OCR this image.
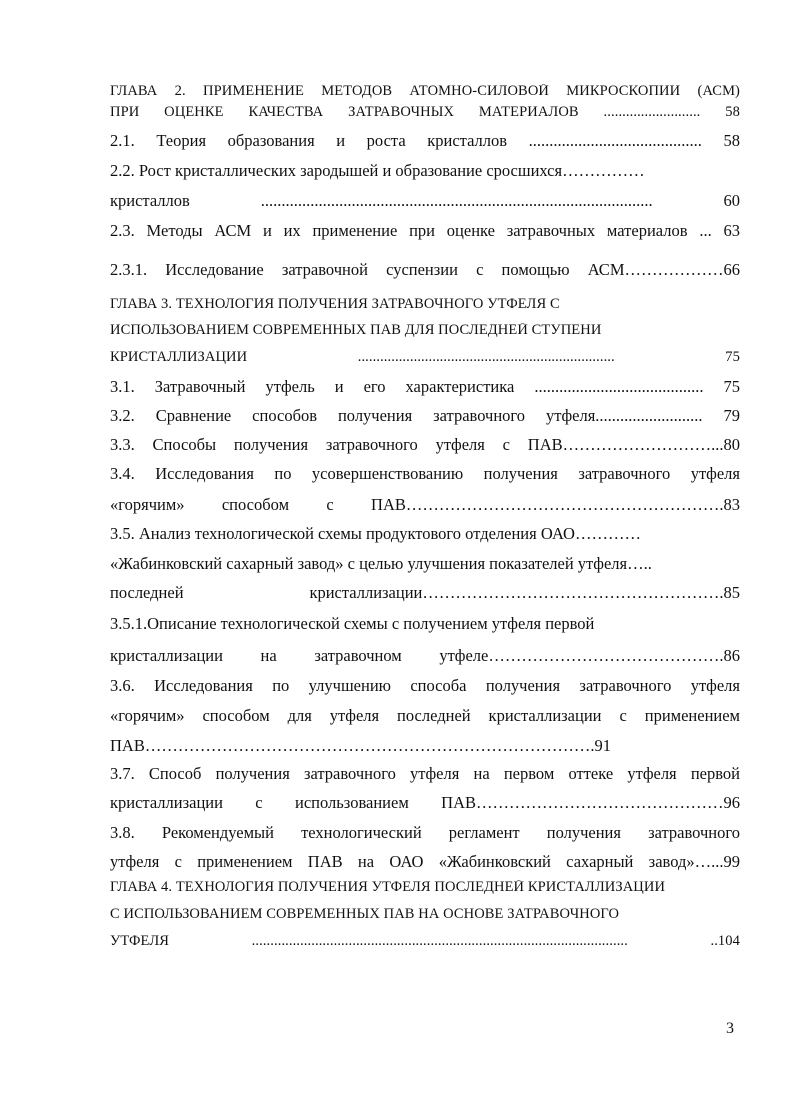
ГЛАВА 2. ПРИМЕНЕНИЕ МЕТОДОВ АТОМНО-СИЛОВОЙ МИКРОСКОПИИ (АСМ)
ПРИ ОЦЕНКЕ КАЧЕСТВА ЗАТРАВОЧНЫХ МАТЕРИАЛОВ .......................... 58
2.1. Теория образования и роста кристаллов .......................................... 58
2.2. Рост кристаллических зародышей и образование сросшихся……………
кристаллов ............................................................................................... 60
2.3. Методы АСМ и их применение при оценке затравочных материалов ... 63
2.3.1. Исследование затравочной суспензии с помощью АСМ………………66
ГЛАВА 3. ТЕХНОЛОГИЯ ПОЛУЧЕНИЯ ЗАТРАВОЧНОГО УТФЕЛЯ С
ИСПОЛЬЗОВАНИЕМ СОВРЕМЕННЫХ ПАВ ДЛЯ ПОСЛЕДНЕЙ СТУПЕНИ
КРИСТАЛЛИЗАЦИИ ..................................................................... 75
3.1. Затравочный утфель и его характеристика ......................................... 75
3.2. Сравнение способов получения затравочного утфеля.......................... 79
3.3. Способы получения затравочного утфеля с ПАВ………………………...80
3.4. Исследования по усовершенствованию получения затравочного утфеля
«горячим» способом с ПАВ………………………………………………….83
3.5. Анализ технологической схемы продуктового отделения ОАО…………
«Жабинковский сахарный завод» с целью улучшения показателей утфеля…..
последней кристаллизации……………………………………………….85
3.5.1.Описание технологической схемы с получением утфеля первой
кристаллизации на затравочном утфеле…………………………………….86
3.6. Исследования по улучшению способа получения затравочного утфеля
«горячим» способом для утфеля последней кристаллизации с применением
ПАВ……………………………………………………………………….91
3.7. Способ получения затравочного утфеля на первом оттеке утфеля первой
кристаллизации с использованием ПАВ………………………………………96
3.8. Рекомендуемый технологический регламент получения затравочного
утфеля с применением ПАВ на ОАО «Жабинковский сахарный завод»…...99
ГЛАВА 4. ТЕХНОЛОГИЯ ПОЛУЧЕНИЯ УТФЕЛЯ ПОСЛЕДНЕЙ КРИСТАЛЛИЗАЦИИ
С ИСПОЛЬЗОВАНИЕМ СОВРЕМЕННЫХ ПАВ НА ОСНОВЕ ЗАТРАВОЧНОГО
УТФЕЛЯ ..................................................................................................... ..104
3
